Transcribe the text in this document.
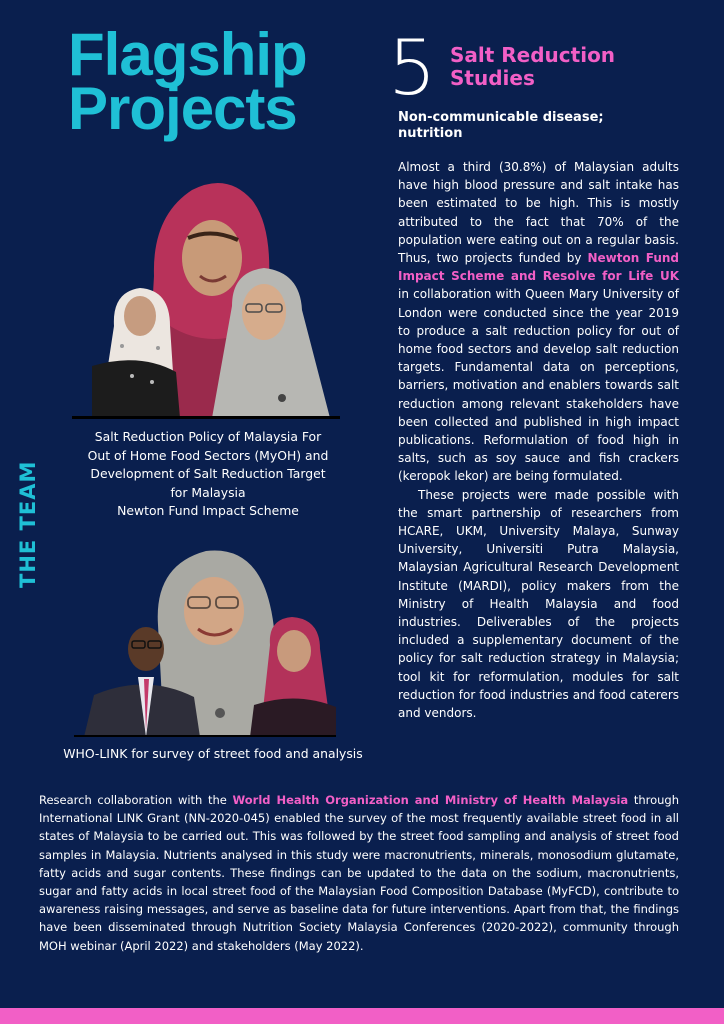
Flagship
Projects 5 Salt Reduction
Studies

Non-communicable disease; nutrition

Almost a third (30.8%) of Malaysian adults have high blood pressure and salt intake has been estimated to be high. This is mostly attributed to the fact that 70% of the population were eating out on a regular basis. Thus, two projects funded by Newton Fund Impact Scheme and Resolve for Life UK in collaboration with Queen Mary University of London were conducted since the year 2019 to produce a salt reduction policy for out of home food sectors and develop salt reduction targets. Fundamental data on perceptions, barriers, motivation and enablers towards salt reduction among relevant stakeholders have been collected and published in high impact publications. Reformulation of food high in salts, such as soy sauce and fish crackers (keropok lekor) are being formulated.

These projects were made possible with the smart partnership of researchers from HCARE, UKM, University Malaya, Sunway University, Universiti Putra Malaysia, Malaysian Agricultural Research Development Institute (MARDI), policy makers from the Ministry of Health Malaysia and food industries. Deliverables of the projects included a supplementary document of the policy for salt reduction strategy in Malaysia; tool kit for reformulation, modules for salt reduction for food industries and food caterers and vendors.

THE TEAM

Salt Reduction Policy of Malaysia For
Out of Home Food Sectors (MyOH) and
Development of Salt Reduction Target
for Malaysia
Newton Fund Impact Scheme

WHO-LINK for survey of street food and analysis

Research collaboration with the World Health Organization and Ministry of Health Malaysia through International LINK Grant (NN-2020-045) enabled the survey of the most frequently available street food in all states of Malaysia to be carried out. This was followed by the street food sampling and analysis of street food samples in Malaysia. Nutrients analysed in this study were macronutrients, minerals, monosodium glutamate, fatty acids and sugar contents. These findings can be updated to the data on the sodium, macronutrients, sugar and fatty acids in local street food of the Malaysian Food Composition Database (MyFCD), contribute to awareness raising messages, and serve as baseline data for future interventions. Apart from that, the findings have been disseminated through Nutrition Society Malaysia Conferences (2020-2022), community through MOH webinar (April 2022) and stakeholders (May 2022).
